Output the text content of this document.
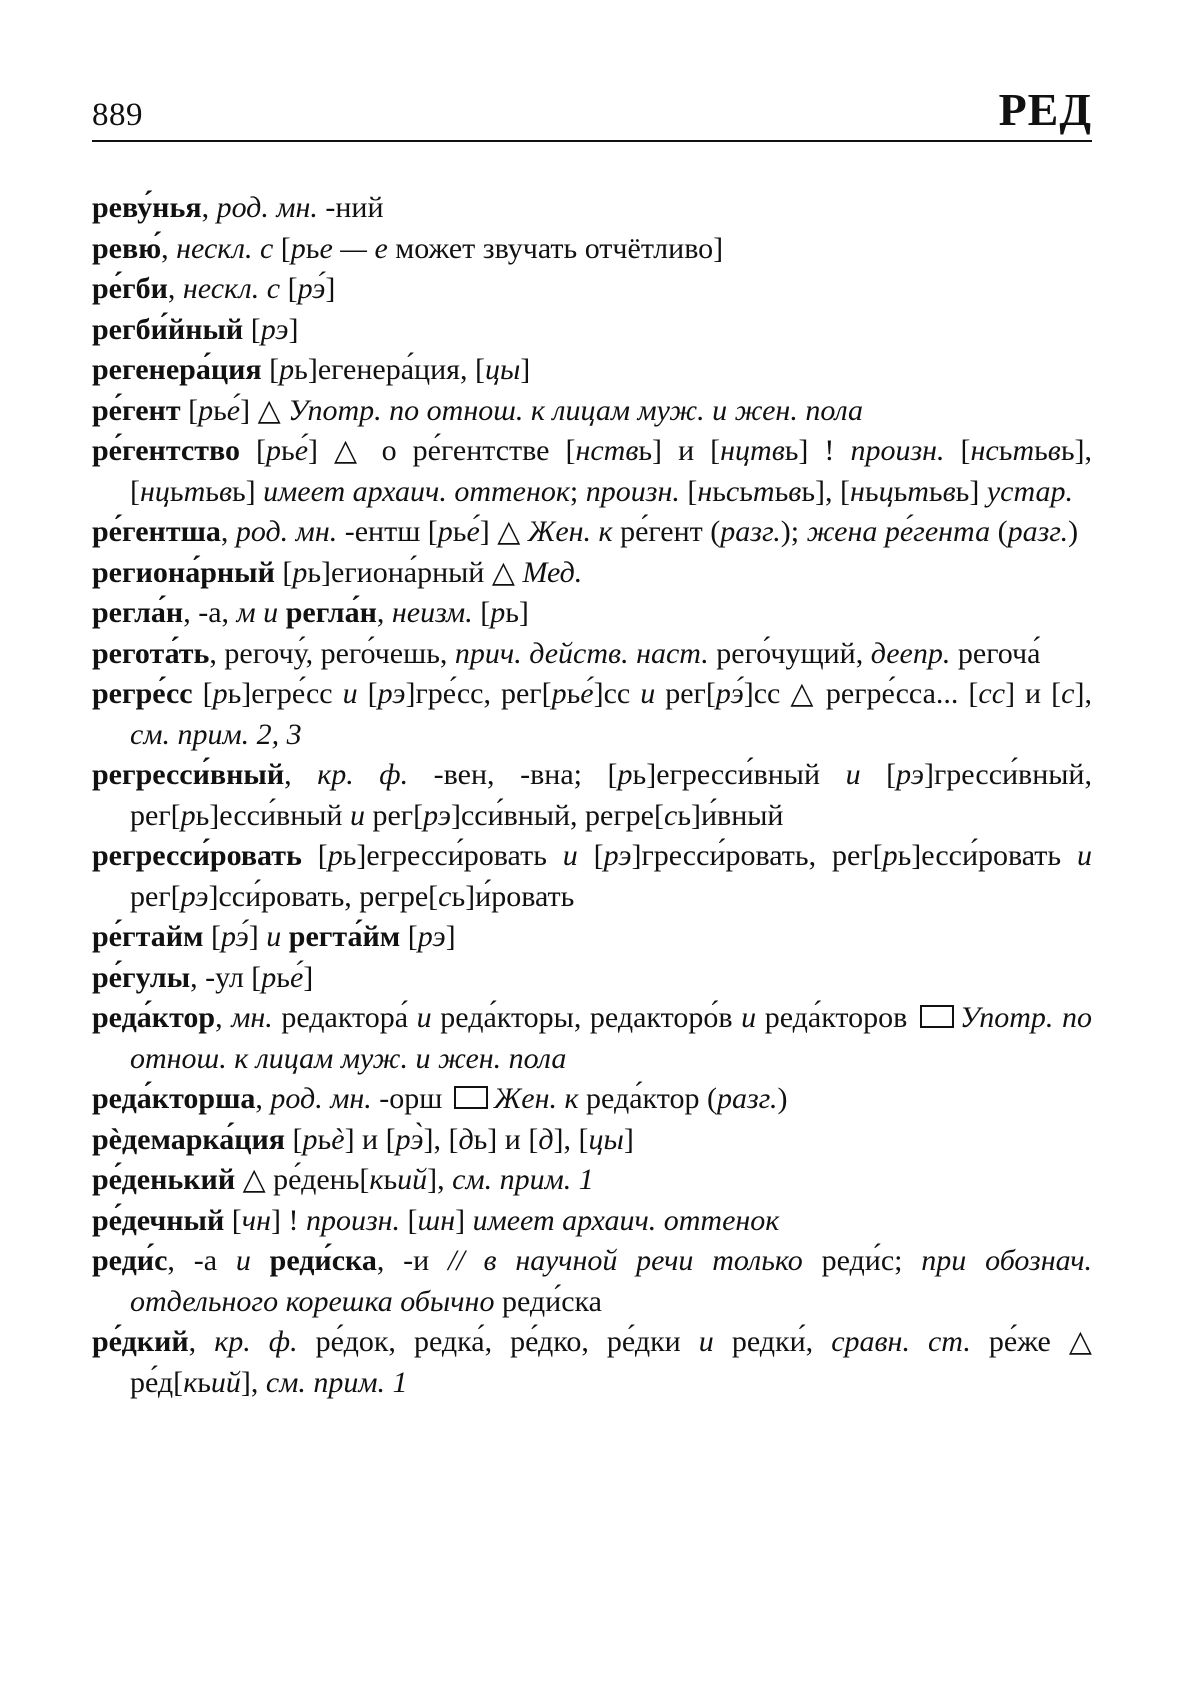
889	РЕД
реву́нья, род. мн. -ний
ревю́, нескл. с [рье — е может звучать отчётливо]
ре́гби, нескл. с [рэ́]
регби́йный [рэ]
регенера́ция [рь]егенера́ция, [цы]
ре́гент [рье́] △ Употр. по отнош. к лицам муж. и жен. пола
ре́гентство [рье́] △ о ре́гентстве [нствь] и [нцтвь] ! произн. [нсьтьвь], [нцьтьвь] имеет архаич. оттенок; произн. [ньсьтьвь], [ньцьтьвь] устар.
ре́гентша, род. мн. -ентш [рье́] △ Жен. к ре́гент (разг.); жена ре́гента (разг.)
региона́рный [рь]егиона́рный △ Мед.
регла́н, -а, м и регла́н, неизм. [рь]
регота́ть, регочу́, рего́чешь, прич. действ. наст. рего́чущий, деепр. регоча́
регре́сс [рь]егре́сс и [рэ]гре́сс, рег[рье́]сс и рег[рэ́]сс △ регре́сса... [сс] и [с], см. прим. 2, 3
регресси́вный, кр. ф. -вен, -вна; [рь]егресси́вный и [рэ]гресси́вный, рег[рь]есси́вный и рег[рэ]сси́вный, регре[сь]и́вный
регресси́ровать [рь]егресси́ровать и [рэ]гресси́ровать, рег[рь]есси́ровать и рег[рэ]сси́ровать, регре[сь]и́ровать
ре́гтайм [рэ́] и регта́йм [рэ]
ре́гулы, -ул [рье́]
реда́ктор, мн. редактора́ и реда́кторы, редакторо́в и реда́кторов Употр. по отнош. к лицам муж. и жен. пола
реда́кторша, род. мн. -орш Жен. к реда́ктор (разг.)
рѐдемарка́ция [рьѐ] и [рэ̀], [дь] и [д], [цы]
ре́денький △ ре́день[кьий], см. прим. 1
ре́дечный [чн] ! произн. [шн] имеет архаич. оттенок
реди́с, -а и реди́ска, -и // в научной речи только реди́с; при обознач. отдельного корешка обычно реди́ска
ре́дкий, кр. ф. ре́док, редка́, ре́дко, ре́дки и редки́, сравн. ст. ре́же △ ре́д[кьий], см. прим. 1
